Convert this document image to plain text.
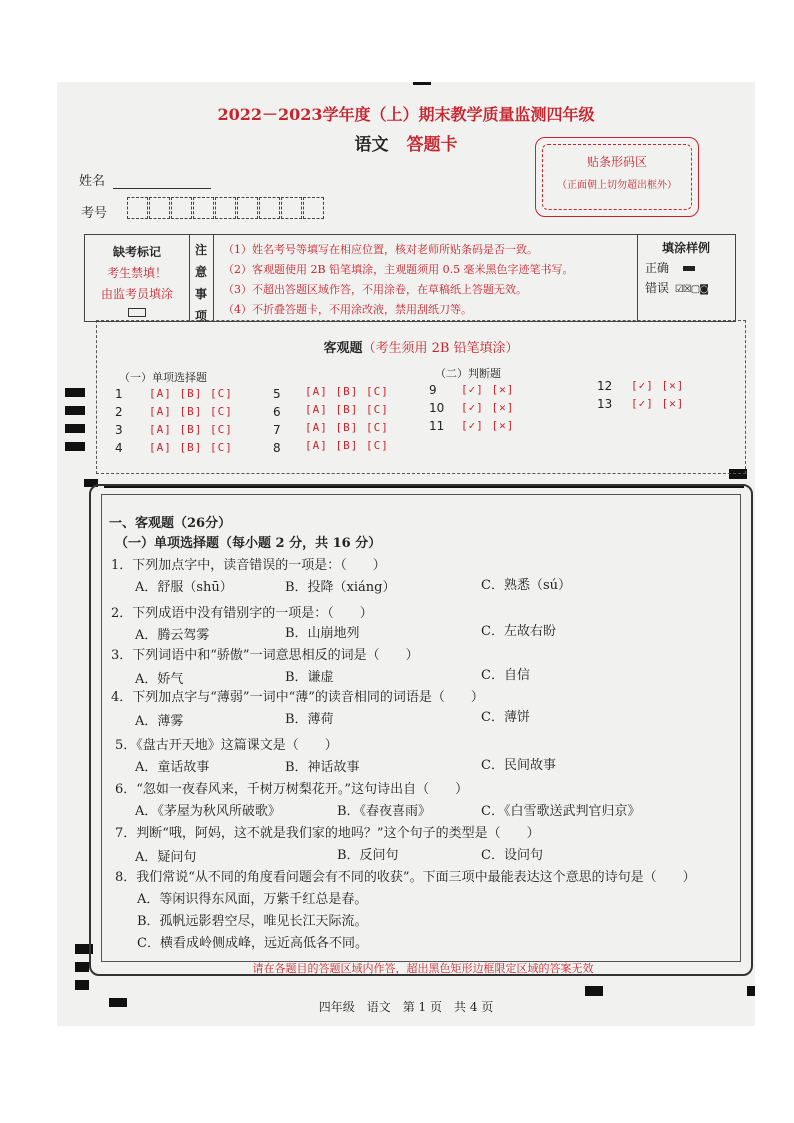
2022－2023学年度（上）期末教学质量监测四年级
语文 答题卡
贴条形码区
（正面朝上切勿超出框外）
姓名
考号
缺考标记
考生禁填！
由监考员填涂
注
意
事
项
（1）姓名考号等填写在相应位置，核对老师所贴条码是否一致。
（2）客观题使用 2B 铅笔填涂，主观题须用 0.5 毫米黑色字迹笔书写。
（3）不超出答题区域作答，不用涂卷，在草稿纸上答题无效。
（4）不折叠答题卡，不用涂改液，禁用刮纸刀等。
填涂样例
正确
错误 ☑☒▢◙
客观题（考生须用 2B 铅笔填涂）
（一）单项选择题	（二）判断题
1 [A] [B] [C]
2 [A] [B] [C]
3 [A] [B] [C]
4 [A] [B] [C]
5 [A] [B] [C]
6 [A] [B] [C]
7 [A] [B] [C]
8 [A] [B] [C]
9 [✓] [✕]
10 [✓] [✕]
11 [✓] [✕]
12 [✓] [✕]
13 [✓] [✕]
一、客观题（26分）
（一）单项选择题（每小题 2 分，共 16 分）
1．下列加点字中，读音错误的一项是：（　　）
A．舒服（shū）	B．投降（xiáng）	C．熟悉（sú）
2．下列成语中没有错别字的一项是：（　　）
A．腾云驾雾	B．山崩地列	C．左故右盼
3．下列词语中和“骄傲”一词意思相反的词是（　　）
A．娇气	B．谦虚	C．自信
4．下列加点字与“薄弱”一词中“薄”的读音相同的词语是（　　）
A．薄雾	B．薄荷	C．薄饼
5．《盘古开天地》这篇课文是（　　）
A．童话故事	B．神话故事	C．民间故事
6．“忽如一夜春风来，千树万树梨花开。”这句诗出自（　　）
A．《茅屋为秋风所破歌》	B．《春夜喜雨》	C．《白雪歌送武判官归京》
7．判断“哦，阿妈，这不就是我们家的地吗？”这个句子的类型是（　　）
A．疑问句	B．反问句	C．设问句
8．我们常说“从不同的角度看问题会有不同的收获”。下面三项中最能表达这个意思的诗句是（　　）
A．等闲识得东风面，万紫千红总是春。
B．孤帆远影碧空尽，唯见长江天际流。
C．横看成岭侧成峰，远近高低各不同。
请在各题目的答题区域内作答，超出黑色矩形边框限定区域的答案无效
四年级　语文　第 1 页　共 4 页
